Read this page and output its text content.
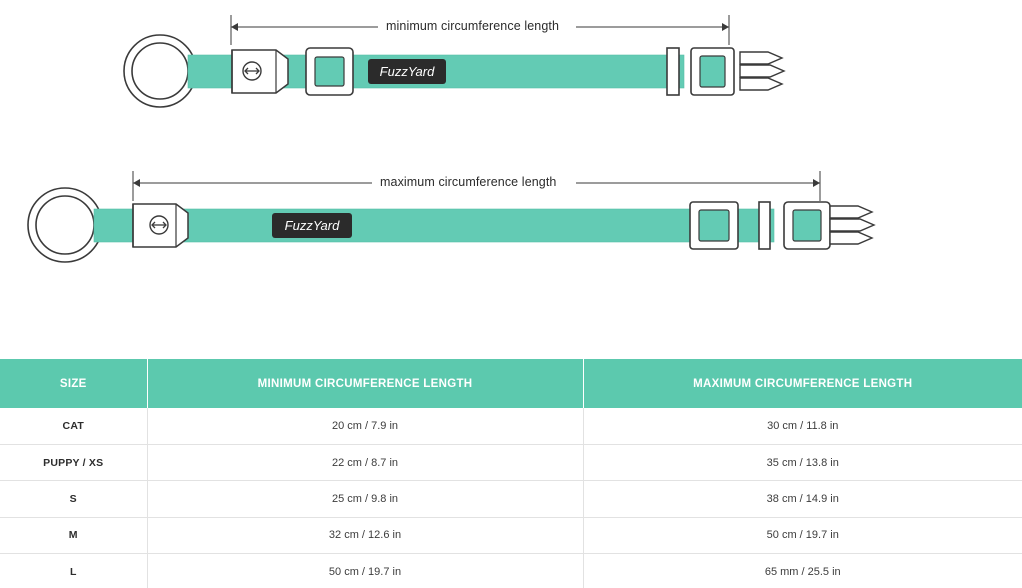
minimum circumference length
FuzzYard
maximum circumference length
FuzzYard
SIZE	MINIMUM CIRCUMFERENCE LENGTH	MAXIMUM CIRCUMFERENCE LENGTH
CAT	20 cm / 7.9 in	30 cm / 11.8 in
PUPPY / XS	22 cm / 8.7 in	35 cm / 13.8 in
S	25 cm / 9.8 in	38 cm / 14.9 in
M	32 cm / 12.6 in	50 cm / 19.7 in
L	50 cm / 19.7 in	65 mm / 25.5 in
